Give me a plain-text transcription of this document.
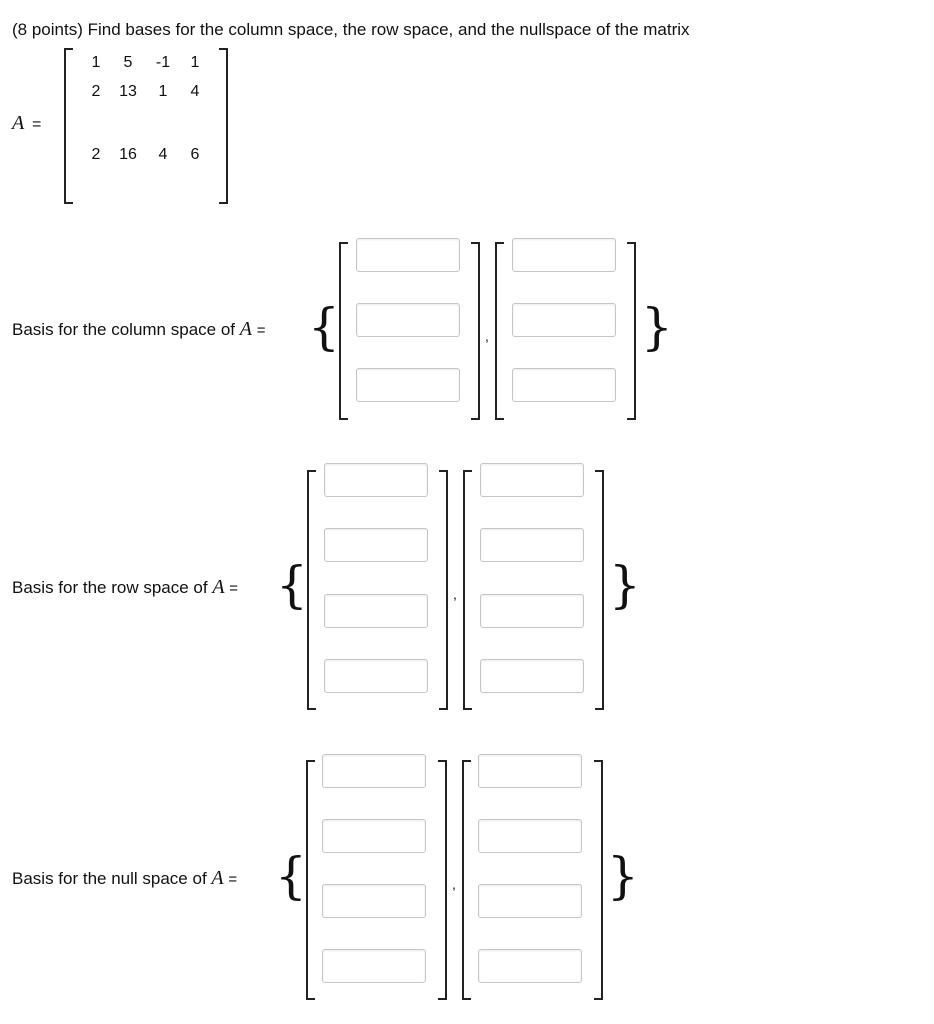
(8 points) Find bases for the column space, the row space, and the nullspace of the matrix
A =
1	5	-1	1
2	13	1	4
2	16	4	6
Basis for the column space of A = {	}
,
Basis for the row space of A = {	}
,
Basis for the null space of A = {	}
,
